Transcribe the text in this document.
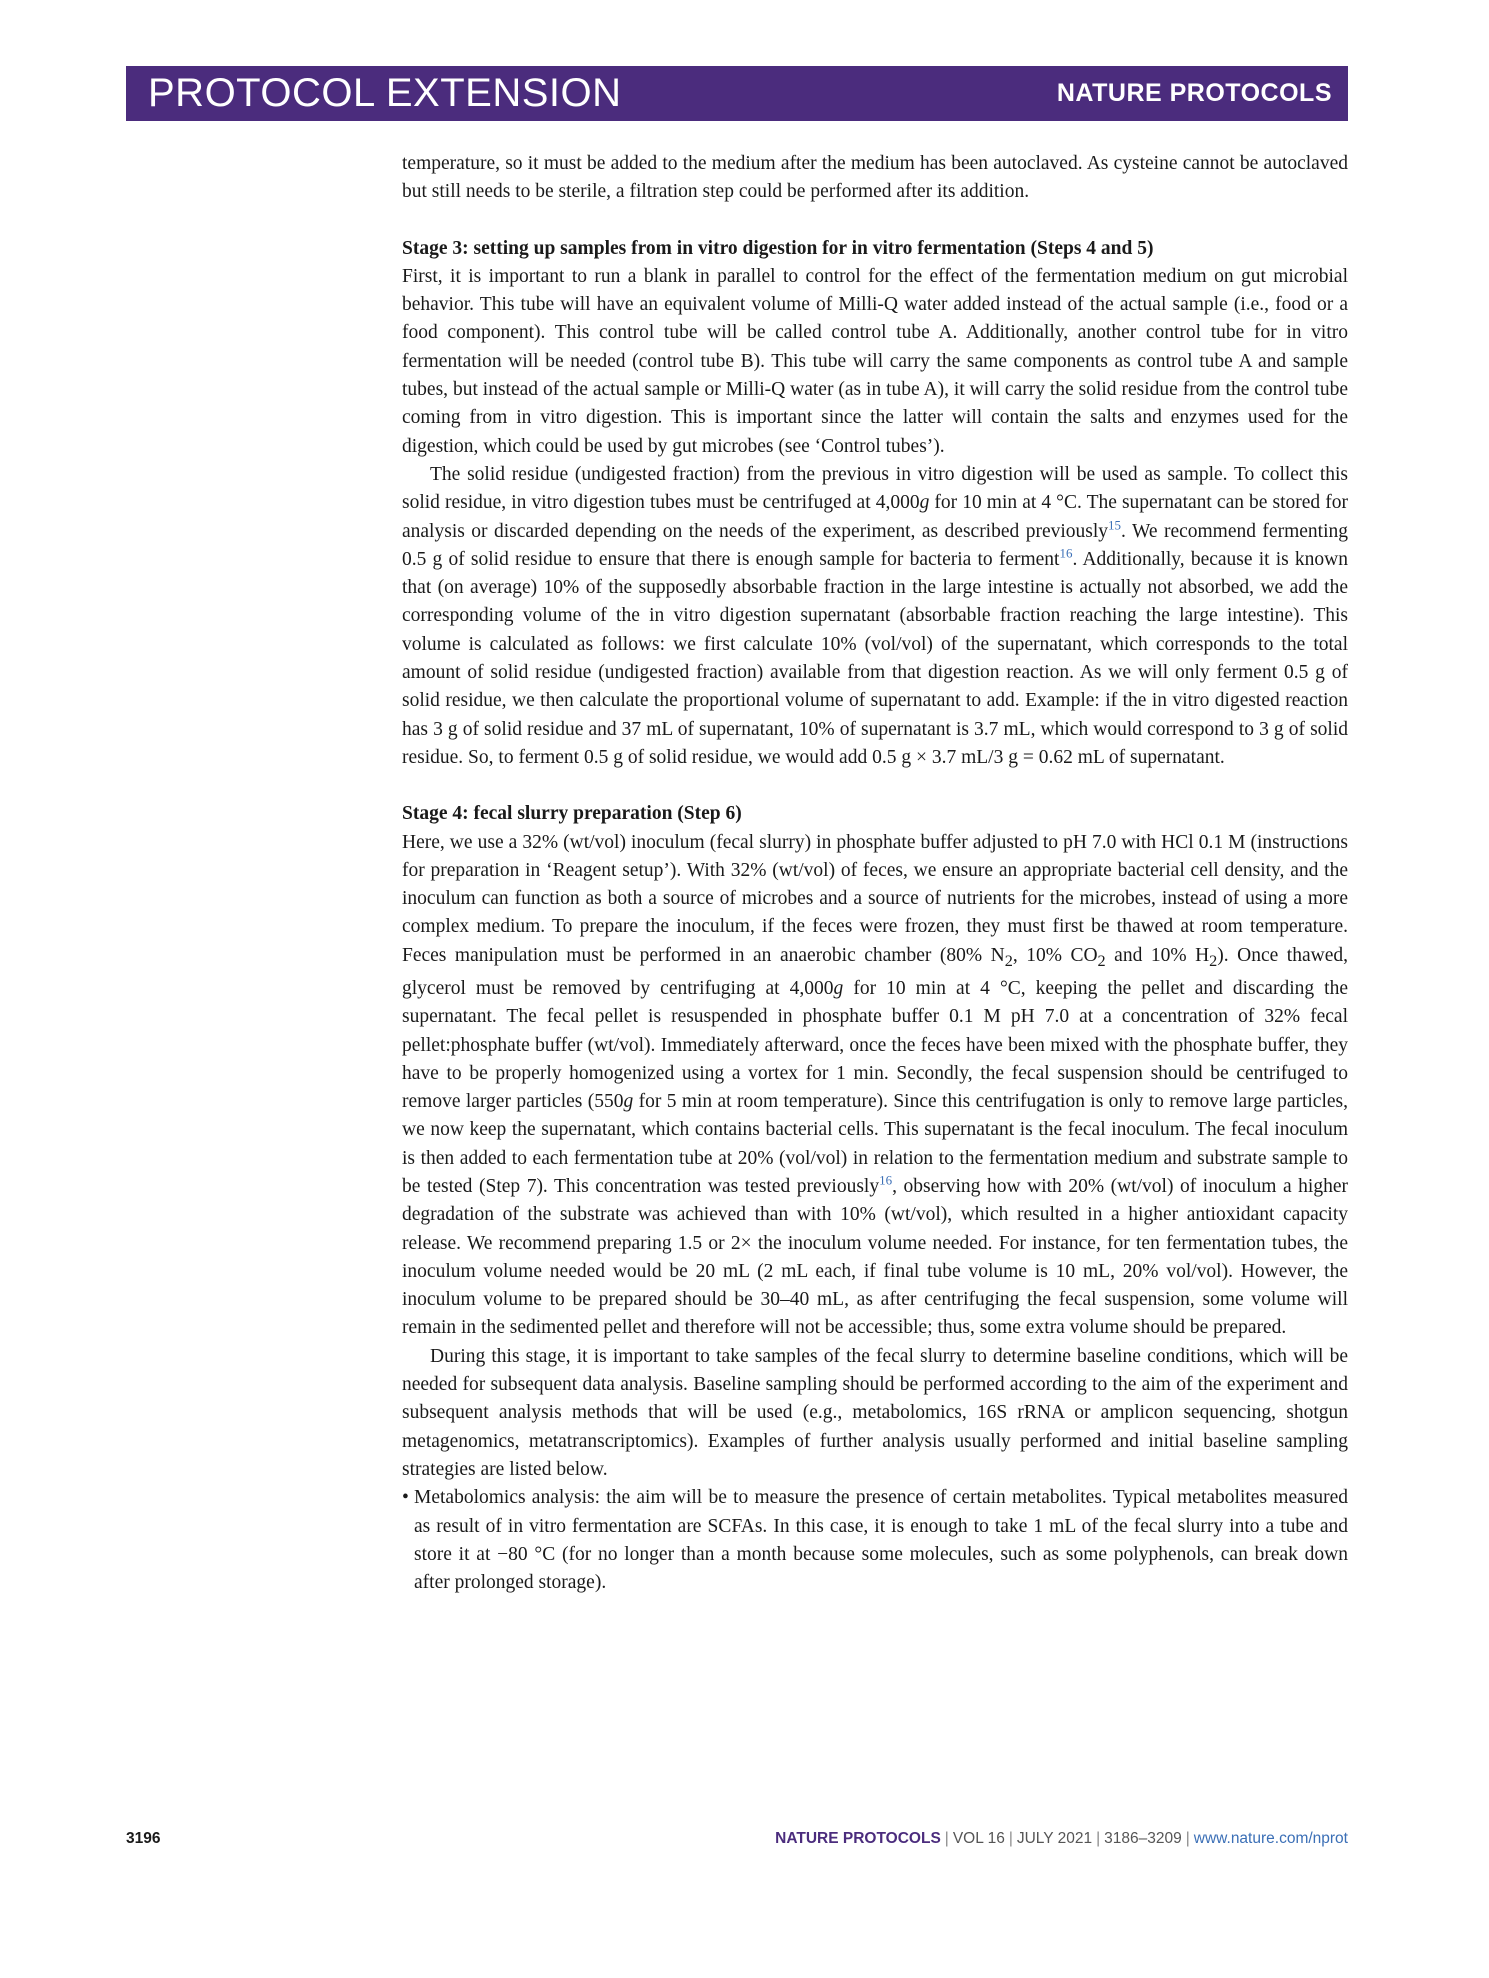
PROTOCOL EXTENSION	NATURE PROTOCOLS

temperature, so it must be added to the medium after the medium has been autoclaved. As cysteine cannot be autoclaved but still needs to be sterile, a filtration step could be performed after its addition.

Stage 3: setting up samples from in vitro digestion for in vitro fermentation (Steps 4 and 5)

First, it is important to run a blank in parallel to control for the effect of the fermentation medium on gut microbial behavior. This tube will have an equivalent volume of Milli-Q water added instead of the actual sample (i.e., food or a food component). This control tube will be called control tube A. Additionally, another control tube for in vitro fermentation will be needed (control tube B). This tube will carry the same components as control tube A and sample tubes, but instead of the actual sample or Milli-Q water (as in tube A), it will carry the solid residue from the control tube coming from in vitro digestion. This is important since the latter will contain the salts and enzymes used for the digestion, which could be used by gut microbes (see ‘Control tubes’).

The solid residue (undigested fraction) from the previous in vitro digestion will be used as sample. To collect this solid residue, in vitro digestion tubes must be centrifuged at 4,000g for 10 min at 4 °C. The supernatant can be stored for analysis or discarded depending on the needs of the experiment, as described previously$^{15}$. We recommend fermenting 0.5 g of solid residue to ensure that there is enough sample for bacteria to ferment$^{16}$. Additionally, because it is known that (on average) 10% of the supposedly absorbable fraction in the large intestine is actually not absorbed, we add the corresponding volume of the in vitro digestion supernatant (absorbable fraction reaching the large intestine). This volume is calculated as follows: we first calculate 10% (vol/vol) of the supernatant, which corresponds to the total amount of solid residue (undigested fraction) available from that digestion reaction. As we will only ferment 0.5 g of solid residue, we then calculate the proportional volume of supernatant to add. Example: if the in vitro digested reaction has 3 g of solid residue and 37 mL of supernatant, 10% of supernatant is 3.7 mL, which would correspond to 3 g of solid residue. So, to ferment 0.5 g of solid residue, we would add 0.5 g × 3.7 mL/3 g = 0.62 mL of supernatant.

Stage 4: fecal slurry preparation (Step 6)

Here, we use a 32% (wt/vol) inoculum (fecal slurry) in phosphate buffer adjusted to pH 7.0 with HCl 0.1 M (instructions for preparation in ‘Reagent setup’). With 32% (wt/vol) of feces, we ensure an appropriate bacterial cell density, and the inoculum can function as both a source of microbes and a source of nutrients for the microbes, instead of using a more complex medium. To prepare the inoculum, if the feces were frozen, they must first be thawed at room temperature. Feces manipulation must be performed in an anaerobic chamber (80% $N_2$, 10% $CO_2$ and 10% $H_2$). Once thawed, glycerol must be removed by centrifuging at 4,000g for 10 min at 4 °C, keeping the pellet and discarding the supernatant. The fecal pellet is resuspended in phosphate buffer 0.1 M pH 7.0 at a concentration of 32% fecal pellet:phosphate buffer (wt/vol). Immediately afterward, once the feces have been mixed with the phosphate buffer, they have to be properly homogenized using a vortex for 1 min. Secondly, the fecal suspension should be centrifuged to remove larger particles (550g for 5 min at room temperature). Since this centrifugation is only to remove large particles, we now keep the supernatant, which contains bacterial cells. This supernatant is the fecal inoculum. The fecal inoculum is then added to each fermentation tube at 20% (vol/vol) in relation to the fermentation medium and substrate sample to be tested (Step 7). This concentration was tested previously$^{16}$, observing how with 20% (wt/vol) of inoculum a higher degradation of the substrate was achieved than with 10% (wt/vol), which resulted in a higher antioxidant capacity release. We recommend preparing 1.5 or 2× the inoculum volume needed. For instance, for ten fermentation tubes, the inoculum volume needed would be 20 mL (2 mL each, if final tube volume is 10 mL, 20% vol/vol). However, the inoculum volume to be prepared should be 30–40 mL, as after centrifuging the fecal suspension, some volume will remain in the sedimented pellet and therefore will not be accessible; thus, some extra volume should be prepared.

During this stage, it is important to take samples of the fecal slurry to determine baseline conditions, which will be needed for subsequent data analysis. Baseline sampling should be performed according to the aim of the experiment and subsequent analysis methods that will be used (e.g., metabolomics, 16S rRNA or amplicon sequencing, shotgun metagenomics, metatranscriptomics). Examples of further analysis usually performed and initial baseline sampling strategies are listed below.

• Metabolomics analysis: the aim will be to measure the presence of certain metabolites. Typical metabolites measured as result of in vitro fermentation are SCFAs. In this case, it is enough to take 1 mL of the fecal slurry into a tube and store it at −80 °C (for no longer than a month because some molecules, such as some polyphenols, can break down after prolonged storage).
3196	NATURE PROTOCOLS | VOL 16 | JULY 2021 | 3186–3209 | www.nature.com/nprot
